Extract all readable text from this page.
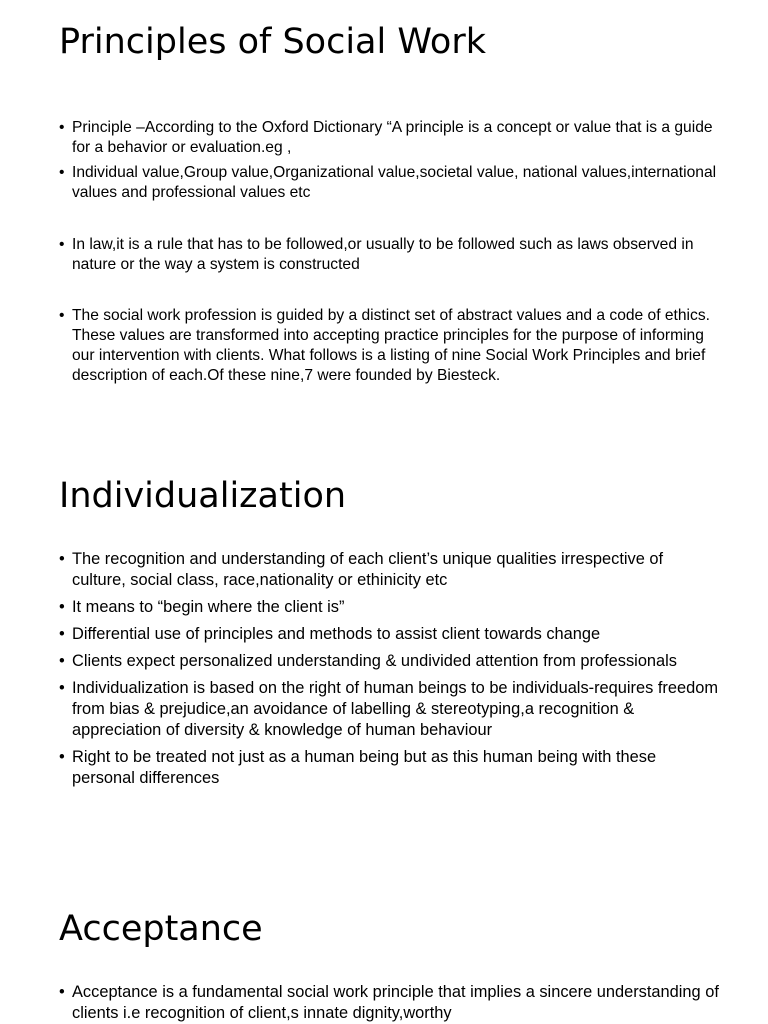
Principles of Social Work
• Principle –According to the Oxford Dictionary “A principle is a concept or value that is a guide for a behavior or evaluation.eg ,
• Individual value,Group value,Organizational value,societal value, national values,international values and professional values etc
• In law,it is a rule that has to be followed,or usually to be followed such as laws observed in nature or the way a system is constructed
• The social work profession is guided by a distinct set of abstract values and a code of ethics. These values are transformed into accepting practice principles for the purpose of informing our intervention with clients. What follows is a listing of nine Social Work Principles and brief description of each.Of these nine,7 were founded by Biesteck.
Individualization
• The recognition and understanding of each client’s unique qualities irrespective of culture, social class, race,nationality or ethinicity etc
• It means to “begin where the client is”
• Differential use of principles and methods to assist client towards change
• Clients expect personalized understanding & undivided attention from professionals
• Individualization is based on the right of human beings to be individuals-requires freedom from bias & prejudice,an avoidance of labelling & stereotyping,a recognition & appreciation of diversity & knowledge of human behaviour
• Right to be treated not just as a human being but as this human being with these personal differences
Acceptance
• Acceptance is a fundamental social work principle that implies a sincere understanding of clients i.e recognition of client,s innate dignity,worthy
